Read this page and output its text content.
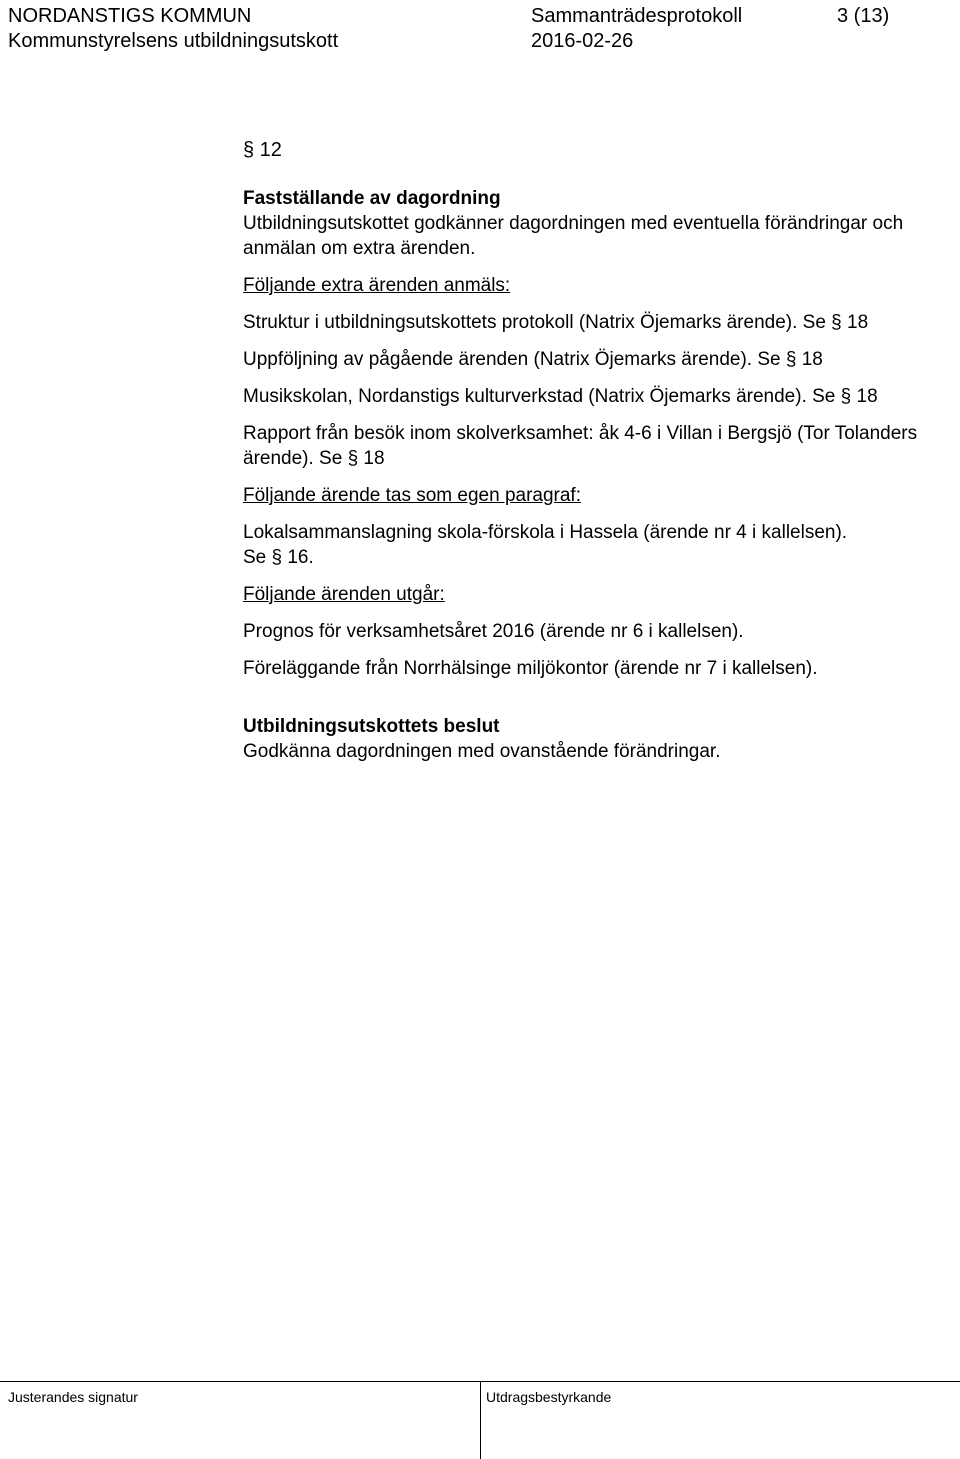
NORDANSTIGS KOMMUN	Sammanträdesprotokoll	3 (13)
Kommunstyrelsens utbildningsutskott	2016-02-26

§ 12

Fastställande av dagordning

Utbildningsutskottet godkänner dagordningen med eventuella förändringar och anmälan om extra ärenden.

Följande extra ärenden anmäls:

Struktur i utbildningsutskottets protokoll (Natrix Öjemarks ärende). Se § 18

Uppföljning av pågående ärenden (Natrix Öjemarks ärende). Se § 18

Musikskolan, Nordanstigs kulturverkstad (Natrix Öjemarks ärende). Se § 18

Rapport från besök inom skolverksamhet: åk 4-6 i Villan i Bergsjö (Tor Tolanders ärende). Se § 18

Följande ärende tas som egen paragraf:

Lokalsammanslagning skola-förskola i Hassela (ärende nr 4 i kallelsen).

Se § 16.

Följande ärenden utgår:

Prognos för verksamhetsåret 2016 (ärende nr 6 i kallelsen).

Föreläggande från Norrhälsinge miljökontor (ärende nr 7 i kallelsen).

Utbildningsutskottets beslut

Godkänna dagordningen med ovanstående förändringar.

Justerandes signatur	Utdragsbestyrkande
